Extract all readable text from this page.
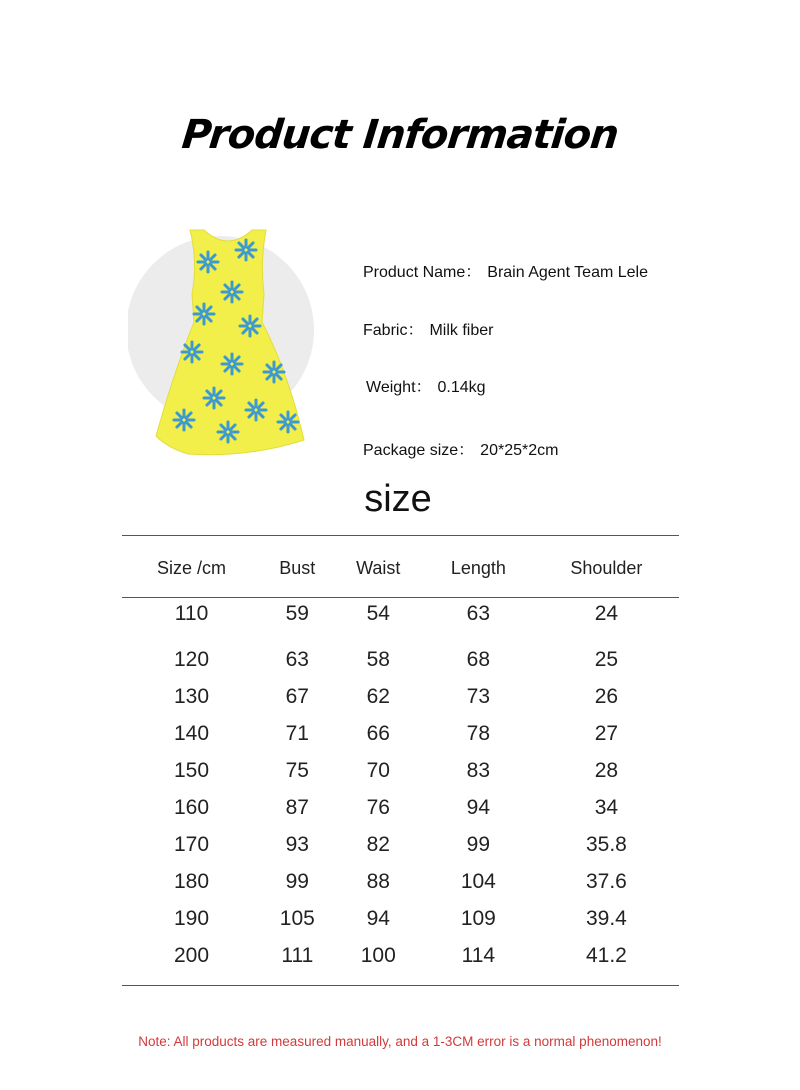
Product Information
Product Name： Brain Agent Team Lele
Fabric： Milk fiber
Weight： 0.14kg
Package size： 20*25*2cm
size
Size /cm	Bust	Waist	Length	Shoulder
110	59	54	63	24
120	63	58	68	25
130	67	62	73	26
140	71	66	78	27
150	75	70	83	28
160	87	76	94	34
170	93	82	99	35.8
180	99	88	104	37.6
190	105	94	109	39.4
200	111	100	114	41.2
Note: All products are measured manually, and a 1-3CM error is a normal phenomenon!
